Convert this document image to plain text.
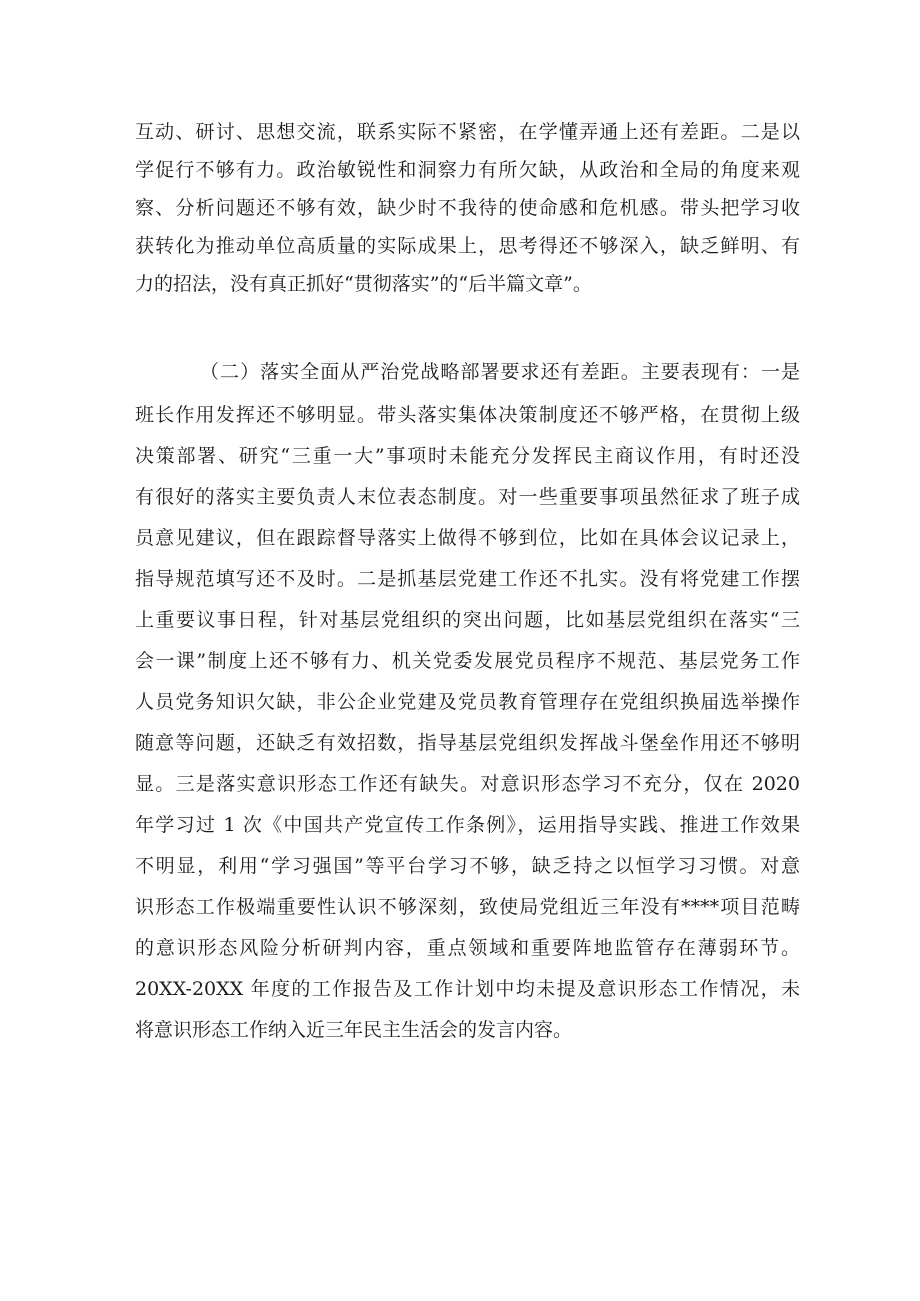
互动、研讨、思想交流，联系实际不紧密，在学懂弄通上还有差距。二是以
学促行不够有力。政治敏锐性和洞察力有所欠缺，从政治和全局的角度来观
察、分析问题还不够有效，缺少时不我待的使命感和危机感。带头把学习收
获转化为推动单位高质量的实际成果上，思考得还不够深入，缺乏鲜明、有
力的招法，没有真正抓好“贯彻落实”的“后半篇文章”。
（二）落实全面从严治党战略部署要求还有差距。主要表现有：一是
班长作用发挥还不够明显。带头落实集体决策制度还不够严格，在贯彻上级
决策部署、研究“三重一大”事项时未能充分发挥民主商议作用，有时还没
有很好的落实主要负责人末位表态制度。对一些重要事项虽然征求了班子成
员意见建议，但在跟踪督导落实上做得不够到位，比如在具体会议记录上，
指导规范填写还不及时。二是抓基层党建工作还不扎实。没有将党建工作摆
上重要议事日程，针对基层党组织的突出问题，比如基层党组织在落实“三
会一课”制度上还不够有力、机关党委发展党员程序不规范、基层党务工作
人员党务知识欠缺，非公企业党建及党员教育管理存在党组织换届选举操作
随意等问题，还缺乏有效招数，指导基层党组织发挥战斗堡垒作用还不够明
显。三是落实意识形态工作还有缺失。对意识形态学习不充分，仅在 2020
年学习过 1 次《中国共产党宣传工作条例》，运用指导实践、推进工作效果
不明显，利用“学习强国”等平台学习不够，缺乏持之以恒学习习惯。对意
识形态工作极端重要性认识不够深刻，致使局党组近三年没有****项目范畴
的意识形态风险分析研判内容，重点领域和重要阵地监管存在薄弱环节。
20XX-20XX 年度的工作报告及工作计划中均未提及意识形态工作情况，未
将意识形态工作纳入近三年民主生活会的发言内容。
